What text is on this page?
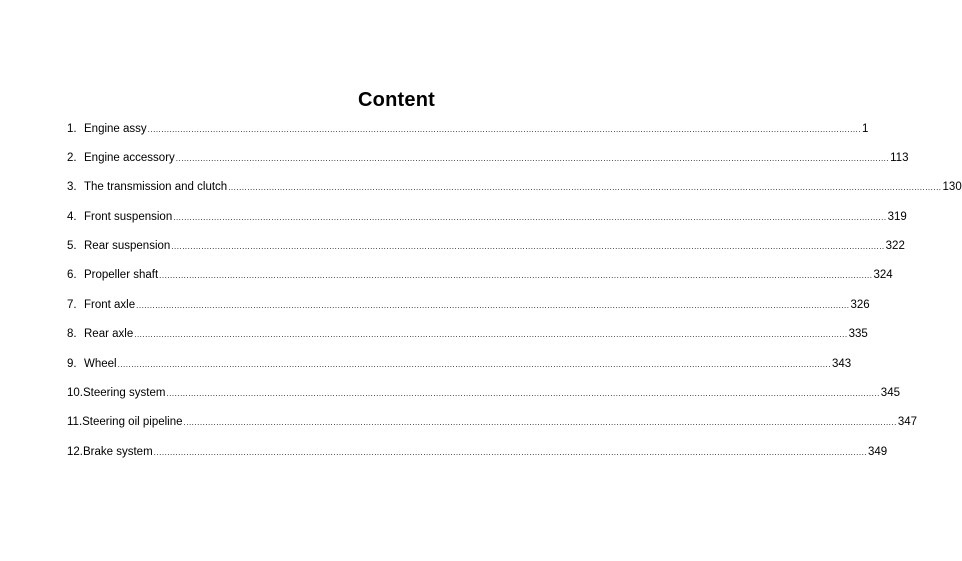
Content
1. Engine assy ...................................................................................................................................................................................................................................................................... 1
2. Engine accessory ...................................................................................................................................................................................................................................................................... 113
3. The transmission and clutch ...................................................................................................................................................................................................................................................................... 130
4. Front suspension ...................................................................................................................................................................................................................................................................... 319
5. Rear suspension ...................................................................................................................................................................................................................................................................... 322
6. Propeller shaft ...................................................................................................................................................................................................................................................................... 324
7. Front axle ...................................................................................................................................................................................................................................................................... 326
8. Rear axle ...................................................................................................................................................................................................................................................................... 335
9. Wheel ...................................................................................................................................................................................................................................................................... 343
10. Steering system ...................................................................................................................................................................................................................................................................... 345
11. Steering oil pipeline ...................................................................................................................................................................................................................................................................... 347
12. Brake system ...................................................................................................................................................................................................................................................................... 349
